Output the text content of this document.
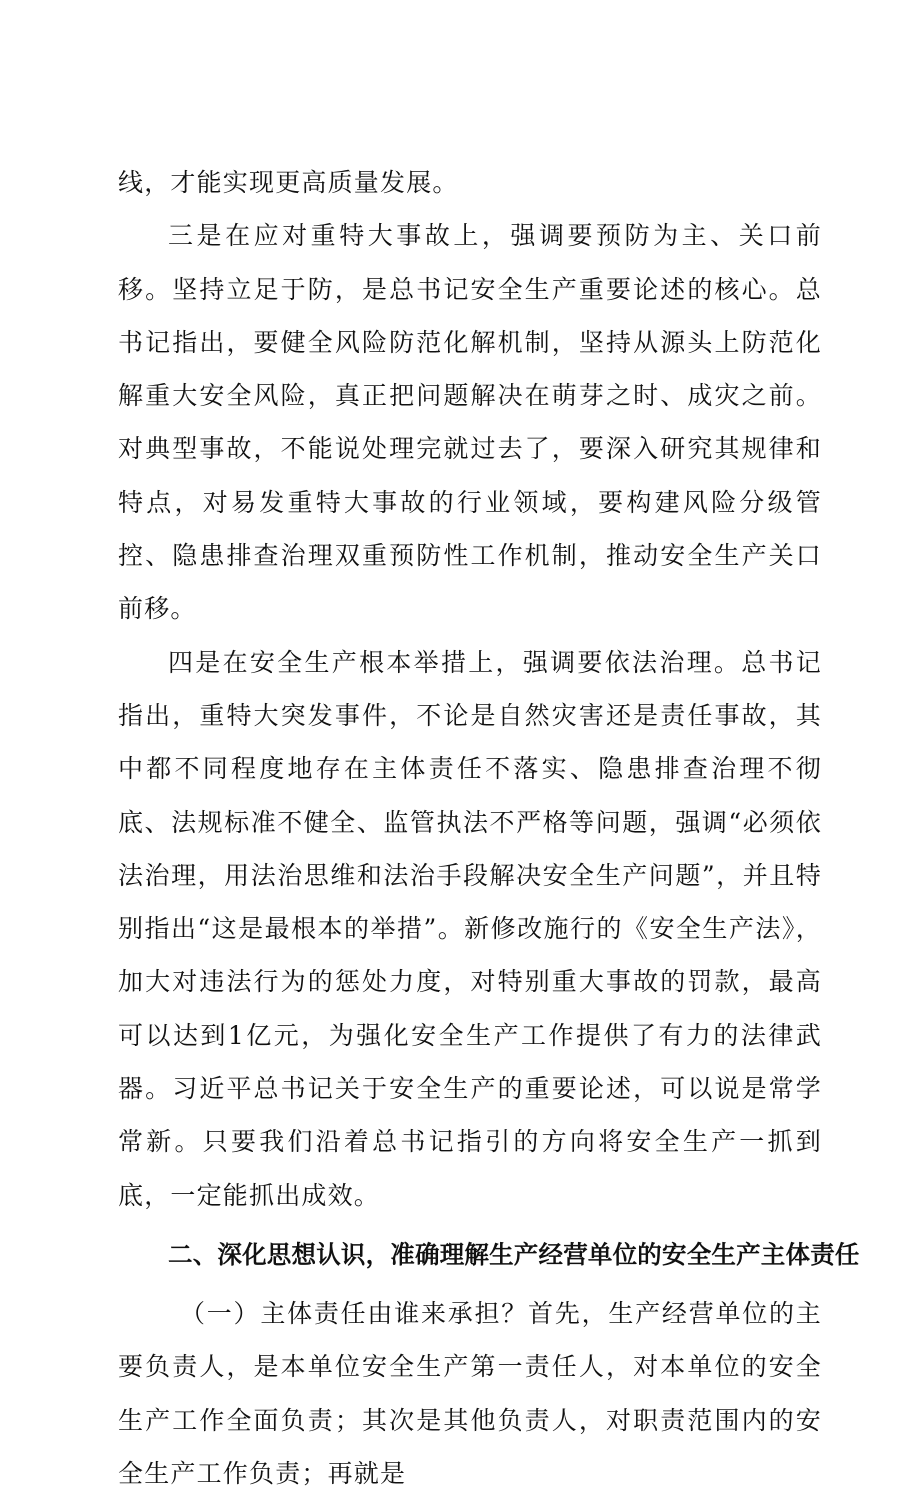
线，才能实现更高质量发展。

三是在应对重特大事故上，强调要预防为主、关口前移。坚持立足于防，是总书记安全生产重要论述的核心。总书记指出，要健全风险防范化解机制，坚持从源头上防范化解重大安全风险，真正把问题解决在萌芽之时、成灾之前。对典型事故，不能说处理完就过去了，要深入研究其规律和特点，对易发重特大事故的行业领域，要构建风险分级管控、隐患排查治理双重预防性工作机制，推动安全生产关口前移。

四是在安全生产根本举措上，强调要依法治理。总书记指出，重特大突发事件，不论是自然灾害还是责任事故，其中都不同程度地存在主体责任不落实、隐患排查治理不彻底、法规标准不健全、监管执法不严格等问题，强调“必须依法治理，用法治思维和法治手段解决安全生产问题”，并且特别指出“这是最根本的举措”。新修改施行的《安全生产法》，加大对违法行为的惩处力度，对特别重大事故的罚款，最高可以达到1亿元，为强化安全生产工作提供了有力的法律武器。习近平总书记关于安全生产的重要论述，可以说是常学常新。只要我们沿着总书记指引的方向将安全生产一抓到底，一定能抓出成效。

二、深化思想认识，准确理解生产经营单位的安全生产主体责任

（一）主体责任由谁来承担？首先，生产经营单位的主要负责人，是本单位安全生产第一责任人，对本单位的安全生产工作全面负责；其次是其他负责人，对职责范围内的安全生产工作负责；再就是
